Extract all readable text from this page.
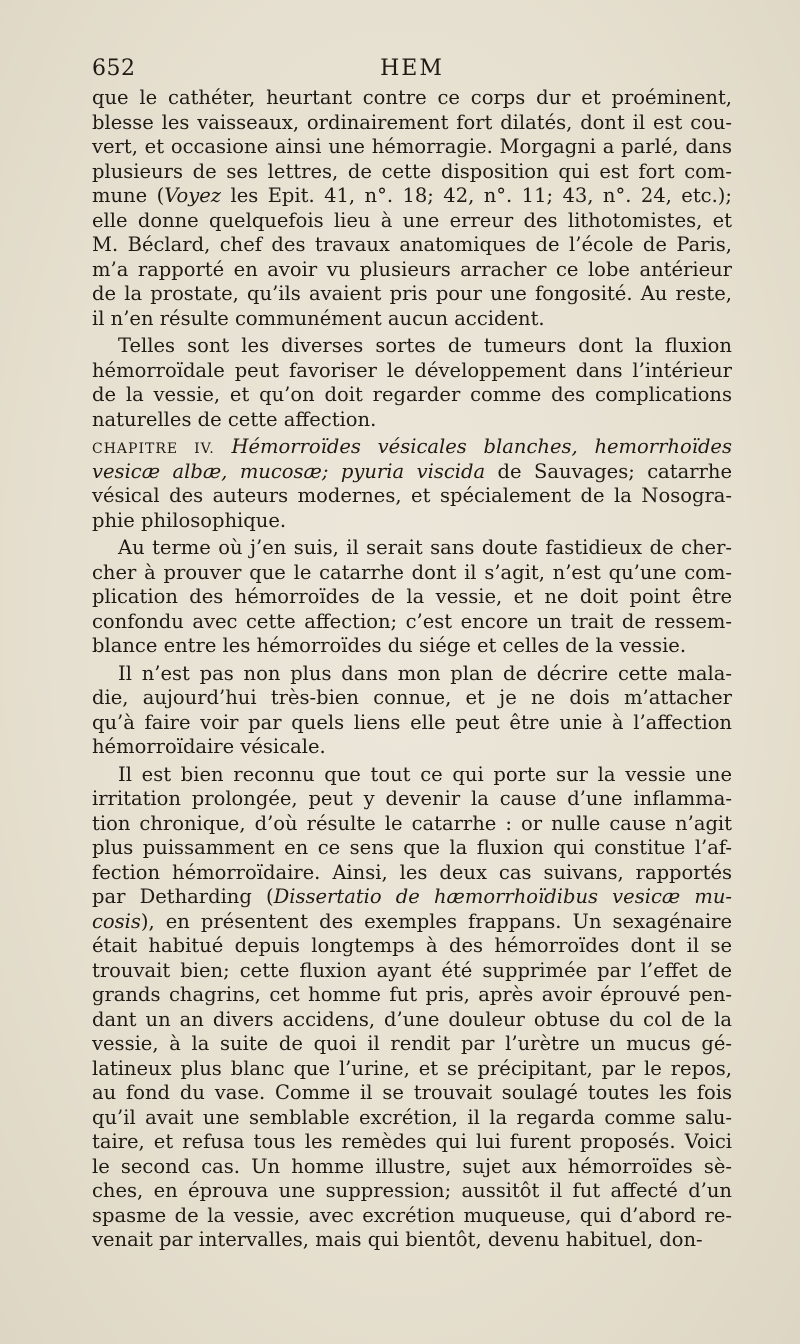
652	HEM
que le cathéter, heurtant contre ce corps dur et proéminent,
blesse les vaisseaux, ordinairement fort dilatés, dont il est cou-
vert, et occasione ainsi une hémorragie. Morgagni a parlé, dans
plusieurs de ses lettres, de cette disposition qui est fort com-
mune (Voyez les Epit. 41, n°. 18; 42, n°. 11; 43, n°. 24, etc.);
elle donne quelquefois lieu à une erreur des lithotomistes, et
M. Béclard, chef des travaux anatomiques de l’école de Paris,
m’a rapporté en avoir vu plusieurs arracher ce lobe antérieur
de la prostate, qu’ils avaient pris pour une fongosité. Au reste,
il n’en résulte communément aucun accident.
Telles sont les diverses sortes de tumeurs dont la fluxion
hémorroïdale peut favoriser le développement dans l’intérieur
de la vessie, et qu’on doit regarder comme des complications
naturelles de cette affection.
CHAPITRE IV. Hémorroïdes vésicales blanches, hemorrhoïdes
vesicæ albæ, mucosæ; pyuria viscida de Sauvages; catarrhe
vésical des auteurs modernes, et spécialement de la Nosogra-
phie philosophique.
Au terme où j’en suis, il serait sans doute fastidieux de cher-
cher à prouver que le catarrhe dont il s’agit, n’est qu’une com-
plication des hémorroïdes de la vessie, et ne doit point être
confondu avec cette affection; c’est encore un trait de ressem-
blance entre les hémorroïdes du siége et celles de la vessie.
Il n’est pas non plus dans mon plan de décrire cette mala-
die, aujourd’hui très-bien connue, et je ne dois m’attacher
qu’à faire voir par quels liens elle peut être unie à l’affection
hémorroïdaire vésicale.
Il est bien reconnu que tout ce qui porte sur la vessie une
irritation prolongée, peut y devenir la cause d’une inflamma-
tion chronique, d’où résulte le catarrhe : or nulle cause n’agit
plus puissamment en ce sens que la fluxion qui constitue l’af-
fection hémorroïdaire. Ainsi, les deux cas suivans, rapportés
par Detharding (Dissertatio de hæmorrhoïdibus vesicæ mu-
cosis), en présentent des exemples frappans. Un sexagénaire
était habitué depuis longtemps à des hémorroïdes dont il se
trouvait bien; cette fluxion ayant été supprimée par l’effet de
grands chagrins, cet homme fut pris, après avoir éprouvé pen-
dant un an divers accidens, d’une douleur obtuse du col de la
vessie, à la suite de quoi il rendit par l’urètre un mucus gé-
latineux plus blanc que l’urine, et se précipitant, par le repos,
au fond du vase. Comme il se trouvait soulagé toutes les fois
qu’il avait une semblable excrétion, il la regarda comme salu-
taire, et refusa tous les remèdes qui lui furent proposés. Voici
le second cas. Un homme illustre, sujet aux hémorroïdes sè-
ches, en éprouva une suppression; aussitôt il fut affecté d’un
spasme de la vessie, avec excrétion muqueuse, qui d’abord re-
venait par intervalles, mais qui bientôt, devenu habituel, don-
